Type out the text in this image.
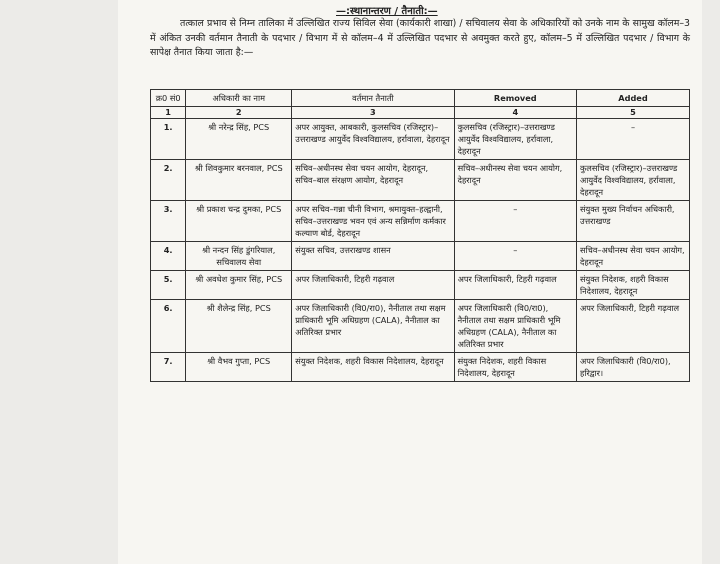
—:स्थानान्तरण / तैनाती:—
तत्काल प्रभाव से निम्न तालिका में उल्लिखित राज्य सिविल सेवा (कार्यकारी शाखा) / सचिवालय सेवा के अधिकारियों को उनके नाम के सामुख कॉलम–3 में अंकित उनकी वर्तमान तैनाती के पदभार / विभाग में से कॉलम–4 में उल्लिखित पदभार से अवमुक्त करते हुए, कॉलम–5 में उल्लिखित पदभार / विभाग के सापेक्ष तैनात किया जाता है:—
क्र0 सं0	अधिकारी का नाम	वर्तमान तैनाती	Removed	Added
1	2	3	4	5
1.	श्री नरेन्द्र सिंह, PCS	अपर आयुक्त, आबकारी, कुलसचिव (रजिस्ट्रार)–उत्तराखण्ड आयुर्वेद विश्वविद्यालय, हर्रावाला, देहरादून	कुलसचिव (रजिस्ट्रार)–उत्तराखण्ड आयुर्वेद विश्वविद्यालय, हर्रावाला, देहरादून	–
2.	श्री शिवकुमार बरनवाल, PCS	सचिव–अधीनस्थ सेवा चयन आयोग, देहरादून, सचिव–बाल संरक्षण आयोग, देहरादून	सचिव–अधीनस्थ सेवा चयन आयोग, देहरादून	कुलसचिव (रजिस्ट्रार)–उत्तराखण्ड आयुर्वेद विश्वविद्यालय, हर्रावाला, देहरादून
3.	श्री प्रकाश चन्द्र दुमका, PCS	अपर सचिव–गन्ना चीनी विभाग, श्रमायुक्त–हल्द्वानी, सचिव–उत्तराखण्ड भवन एवं अन्य सन्निर्माण कर्मकार कल्याण बोर्ड, देहरादून	–	संयुक्त मुख्य निर्वाचन अधिकारी, उत्तराखण्ड
4.	श्री नन्दन सिंह डुंगरियाल, सचिवालय सेवा	संयुक्त सचिव, उत्तराखण्ड शासन	–	सचिव–अधीनस्थ सेवा चयन आयोग, देहरादून
5.	श्री अवधेश कुमार सिंह, PCS	अपर जिलाधिकारी, टिहरी गढ़वाल	अपर जिलाधिकारी, टिहरी गढ़वाल	संयुक्त निदेशक, शहरी विकास निदेशालय, देहरादून
6.	श्री शैलेन्द्र सिंह, PCS	अपर जिलाधिकारी (वि0/रा0), नैनीताल तथा सक्षम प्राधिकारी भूमि अधिग्रहण (CALA), नैनीताल का अतिरिक्त प्रभार	अपर जिलाधिकारी (वि0/रा0), नैनीताल तथा सक्षम प्राधिकारी भूमि अधिग्रहण (CALA), नैनीताल का अतिरिक्त प्रभार	अपर जिलाधिकारी, टिहरी गढ़वाल
7.	श्री वैभव गुप्ता, PCS	संयुक्त निदेशक, शहरी विकास निदेशालय, देहरादून	संयुक्त निदेशक, शहरी विकास निदेशालय, देहरादून	अपर जिलाधिकारी (वि0/रा0), हरिद्वार।
